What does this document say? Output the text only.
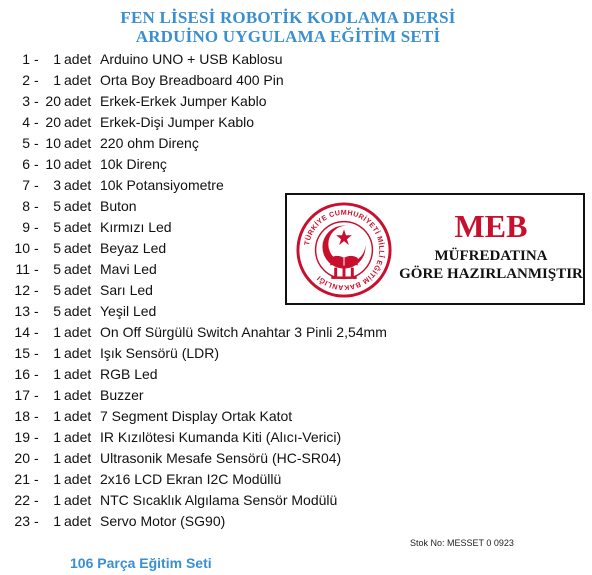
FEN LİSESİ ROBOTİK KODLAMA DERSİ
ARDUİNO UYGULAMA EĞİTİM SETİ
1 -	1 adet Arduino UNO + USB Kablosu
2 -	1 adet Orta Boy Breadboard 400 Pin
3 - 20 adet Erkek-Erkek Jumper Kablo
4 - 20 adet Erkek-Dişi Jumper Kablo
5 - 10 adet 220 ohm Direnç
6 - 10 adet 10k Direnç
7 -	3 adet 10k Potansiyometre
8 -	5 adet Buton
9 -	5 adet Kırmızı Led
10 -	5 adet Beyaz Led
11 -	5 adet Mavi Led
12 -	5 adet Sarı Led
13 -	5 adet Yeşil Led
14 -	1 adet On Off Sürgülü Switch Anahtar 3 Pinli 2,54mm
15 -	1 adet Işık Sensörü (LDR)
16 -	1 adet RGB Led
17 -	1 adet Buzzer
18 -	1 adet 7 Segment Display Ortak Katot
19 -	1 adet IR Kızılötesi Kumanda Kiti (Alıcı-Verici)
20 -	1 adet Ultrasonik Mesafe Sensörü (HC-SR04)
21 -	1 adet 2x16 LCD Ekran I2C Modüllü
22 -	1 adet NTC Sıcaklık Algılama Sensör Modülü
23 -	1 adet Servo Motor (SG90)
TÜRKİYE CUMHURİYETİ MİLLÎ EĞİTİM BAKANLIĞI
MEB
MÜFREDATINA
GÖRE HAZIRLANMIŞTIR
Stok No: MESSET 0 0923
106 Parça Eğitim Seti
